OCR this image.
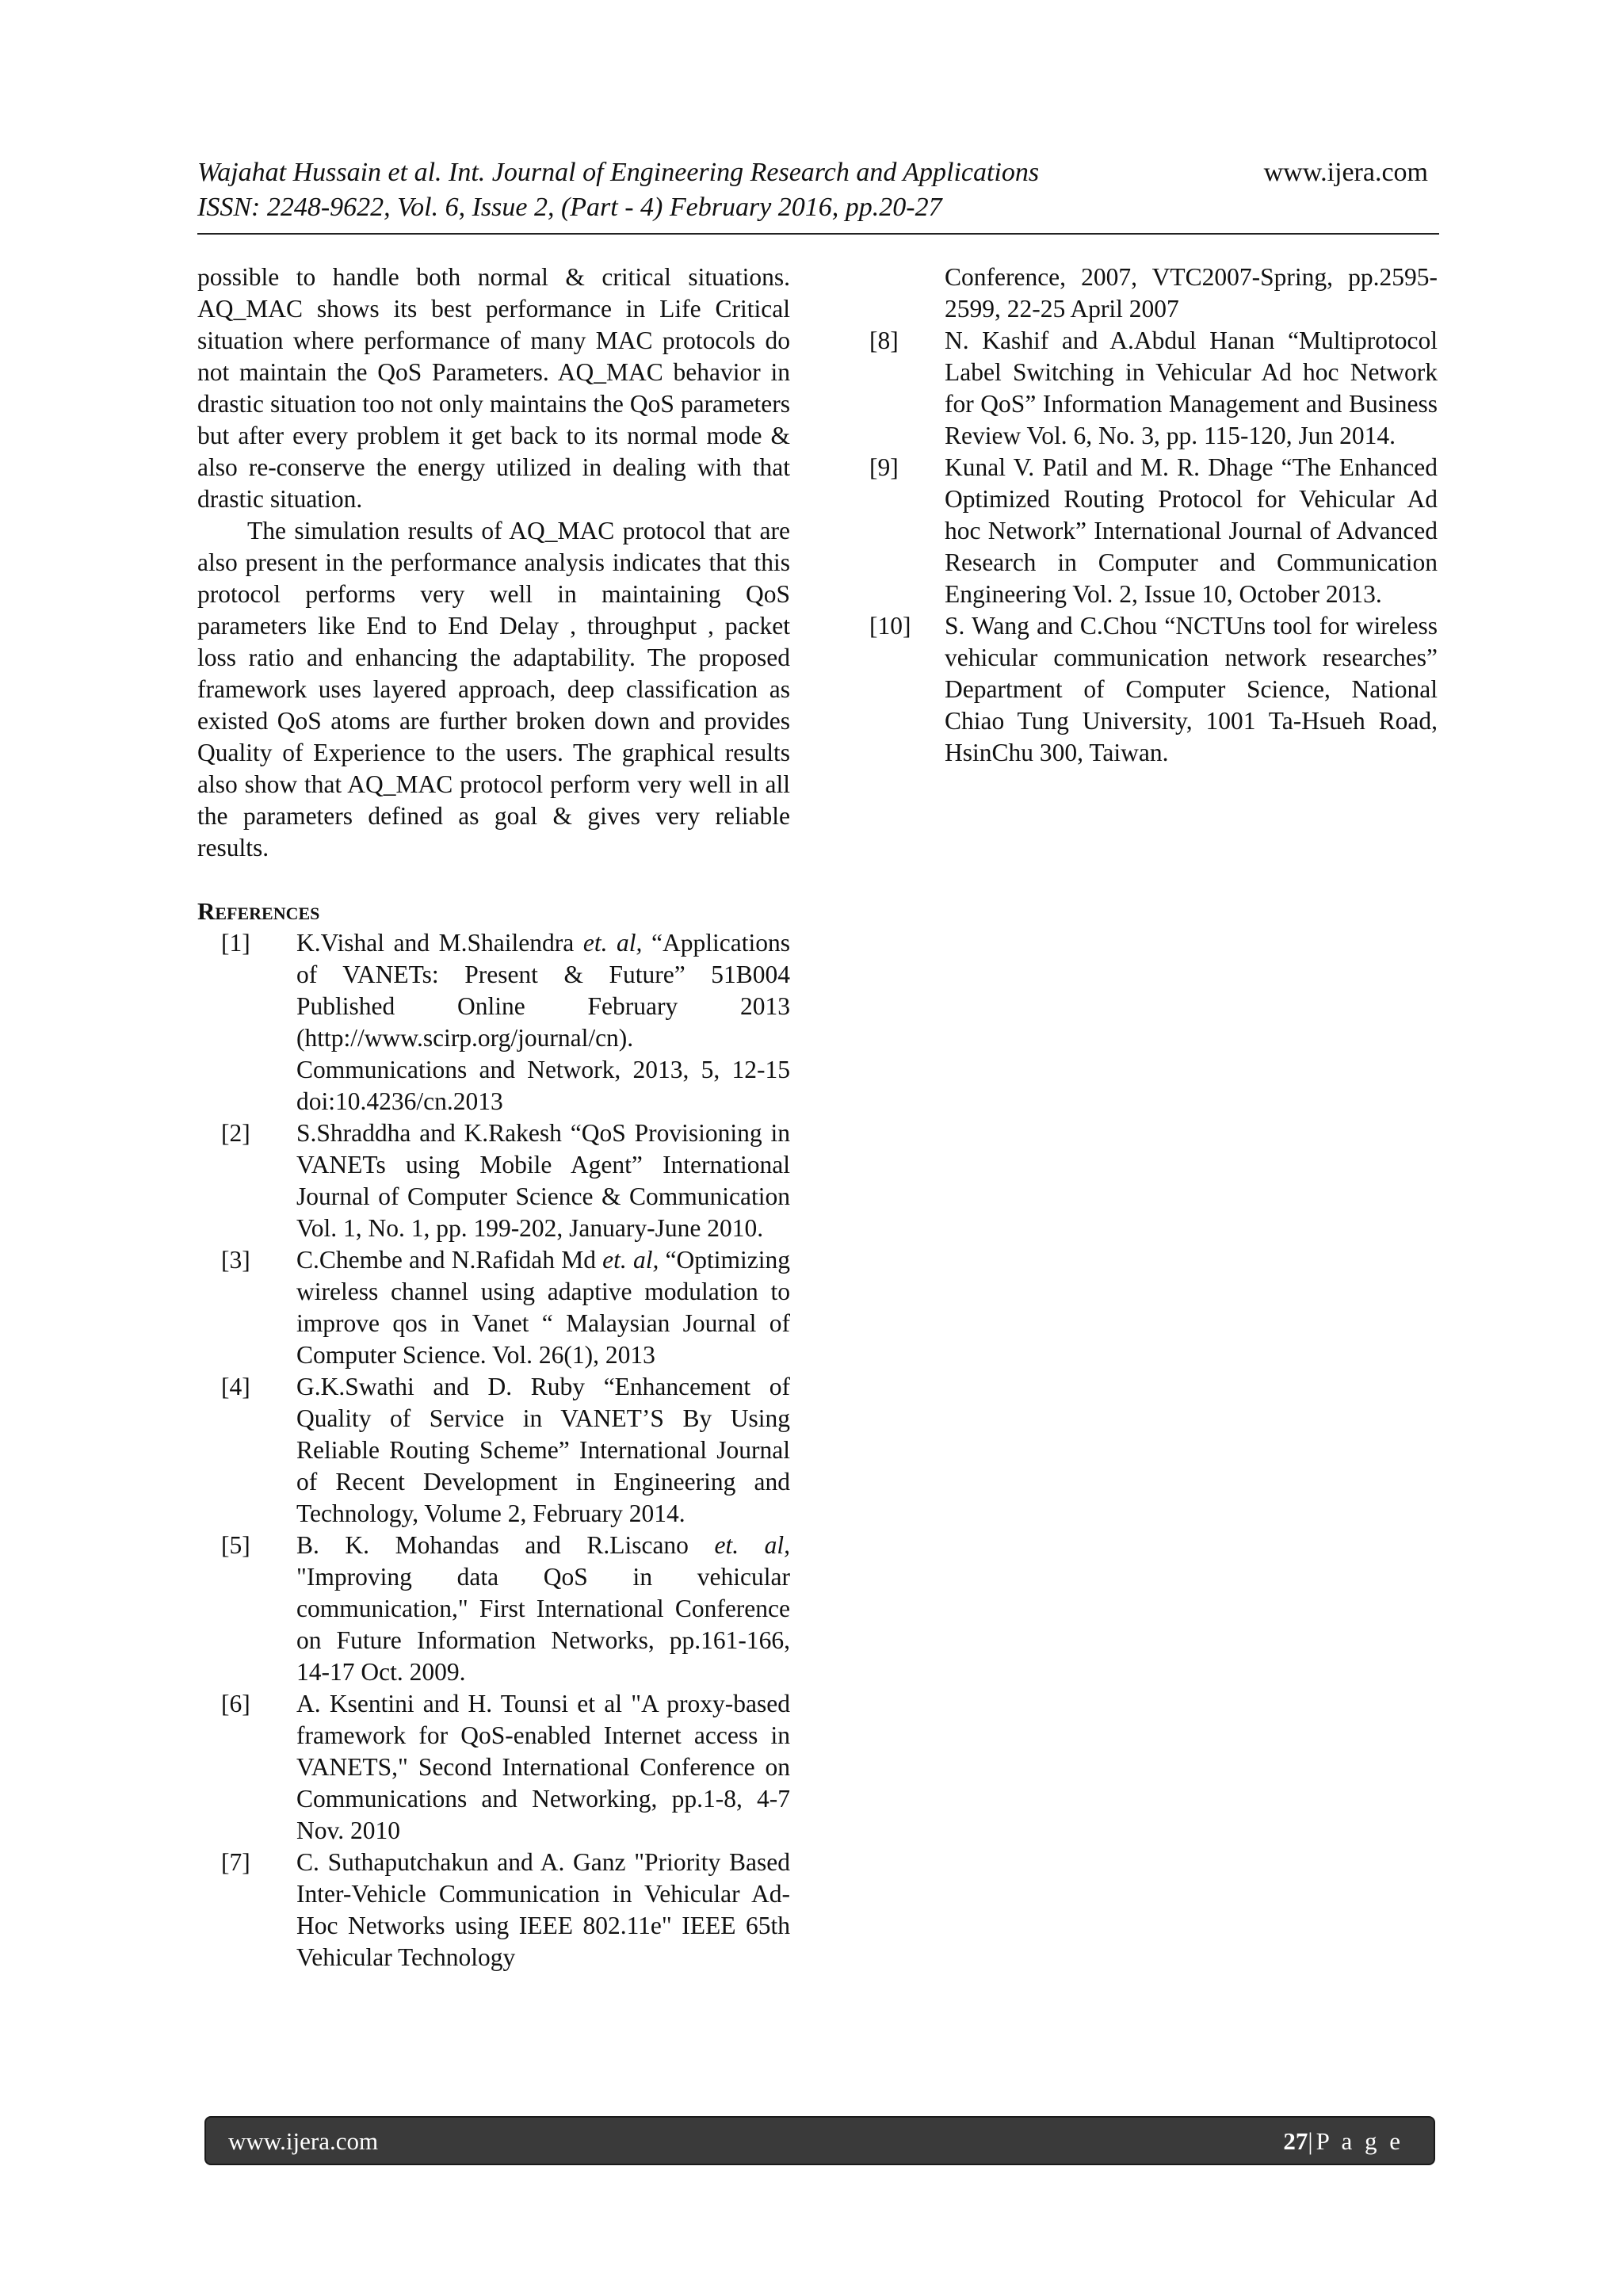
Wajahat Hussain et al. Int. Journal of Engineering Research and Applications
ISSN: 2248-9622, Vol. 6, Issue 2, (Part - 4) February 2016, pp.20-27
www.ijera.com

possible to handle both normal & critical situations. AQ_MAC shows its best performance in Life Critical situation where performance of many MAC protocols do not maintain the QoS Parameters. AQ_MAC behavior in drastic situation too not only maintains the QoS parameters but after every problem it get back to its normal mode & also re-conserve the energy utilized in dealing with that drastic situation.

The simulation results of AQ_MAC protocol that are also present in the performance analysis indicates that this protocol performs very well in maintaining QoS parameters like End to End Delay , throughput , packet loss ratio and enhancing the adaptability. The proposed framework uses layered approach, deep classification as existed QoS atoms are further broken down and provides Quality of Experience to the users. The graphical results also show that AQ_MAC protocol perform very well in all the parameters defined as goal & gives very reliable results.

References
[1]	K.Vishal and M.Shailendra et. al, “Applications of VANETs: Present & Future” 51B004 Published Online February 2013 (http://www.scirp.org/journal/cn). Communications and Network, 2013, 5, 12-15 doi:10.4236/cn.2013
[2]	S.Shraddha and K.Rakesh “QoS Provisioning in VANETs using Mobile Agent” International Journal of Computer Science & Communication Vol. 1, No. 1, pp. 199-202, January-June 2010.
[3]	C.Chembe and N.Rafidah Md et. al, “Optimizing wireless channel using adaptive modulation to improve qos in Vanet “ Malaysian Journal of Computer Science. Vol. 26(1), 2013
[4]	G.K.Swathi and D. Ruby “Enhancement of Quality of Service in VANET’S By Using Reliable Routing Scheme” International Journal of Recent Development in Engineering and Technology, Volume 2, February 2014.
[5]	B. K. Mohandas and R.Liscano et. al, "Improving data QoS in vehicular communication," First International Conference on Future Information Networks, pp.161-166, 14-17 Oct. 2009.
[6]	A. Ksentini and H. Tounsi et al "A proxy-based framework for QoS-enabled Internet access in VANETS," Second International Conference on Communications and Networking, pp.1-8, 4-7 Nov. 2010
[7]	C. Suthaputchakun and A. Ganz "Priority Based Inter-Vehicle Communication in Vehicular Ad-Hoc Networks using IEEE 802.11e" IEEE 65th Vehicular Technology
Conference, 2007, VTC2007-Spring, pp.2595-2599, 22-25 April 2007
[8]	N. Kashif and A.Abdul Hanan “Multiprotocol Label Switching in Vehicular Ad hoc Network for QoS” Information Management and Business Review Vol. 6, No. 3, pp. 115-120, Jun 2014.
[9]	Kunal V. Patil and M. R. Dhage “The Enhanced Optimized Routing Protocol for Vehicular Ad hoc Network” International Journal of Advanced Research in Computer and Communication Engineering Vol. 2, Issue 10, October 2013.
[10]	S. Wang and C.Chou “NCTUns tool for wireless vehicular communication network researches” Department of Computer Science, National Chiao Tung University, 1001 Ta-Hsueh Road, HsinChu 300, Taiwan.
www.ijera.com	27|P a g e
